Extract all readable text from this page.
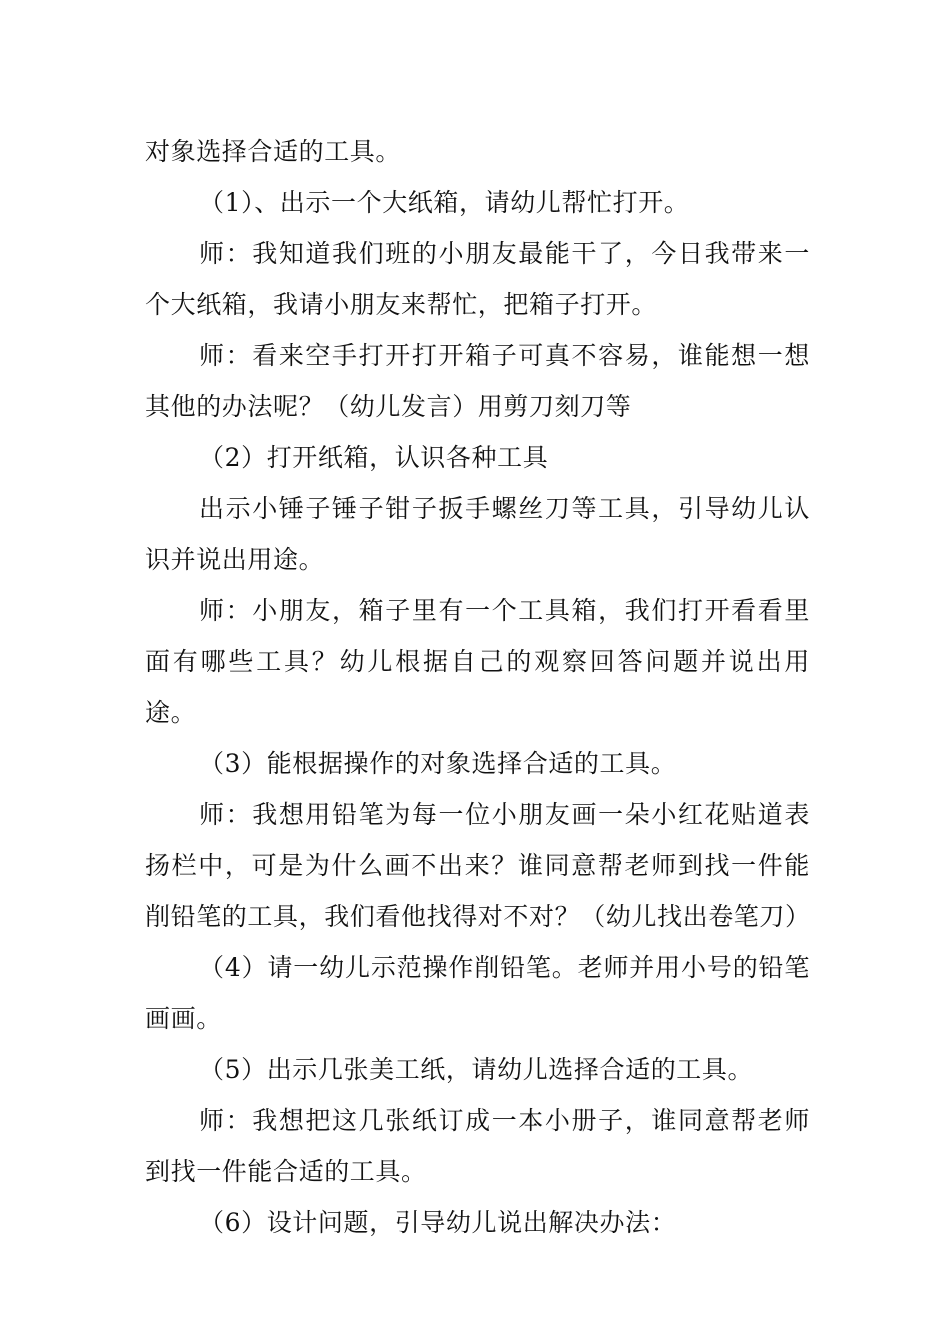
对象选择合适的工具。

（1）、出示一个大纸箱，请幼儿帮忙打开。

师：我知道我们班的小朋友最能干了，今日我带来一个大纸箱，我请小朋友来帮忙，把箱子打开。

师：看来空手打开打开箱子可真不容易，谁能想一想其他的办法呢？（幼儿发言）用剪刀刻刀等

（2）打开纸箱，认识各种工具

出示小锤子锤子钳子扳手螺丝刀等工具，引导幼儿认识并说出用途。

师：小朋友，箱子里有一个工具箱，我们打开看看里面有哪些工具？幼儿根据自己的观察回答问题并说出用途。

（3）能根据操作的对象选择合适的工具。

师：我想用铅笔为每一位小朋友画一朵小红花贴道表扬栏中，可是为什么画不出来？谁同意帮老师到找一件能削铅笔的工具，我们看他找得对不对？（幼儿找出卷笔刀）

（4）请一幼儿示范操作削铅笔。老师并用小号的铅笔画画。

（5）出示几张美工纸，请幼儿选择合适的工具。

师：我想把这几张纸订成一本小册子，谁同意帮老师到找一件能合适的工具。

（6）设计问题，引导幼儿说出解决办法：
